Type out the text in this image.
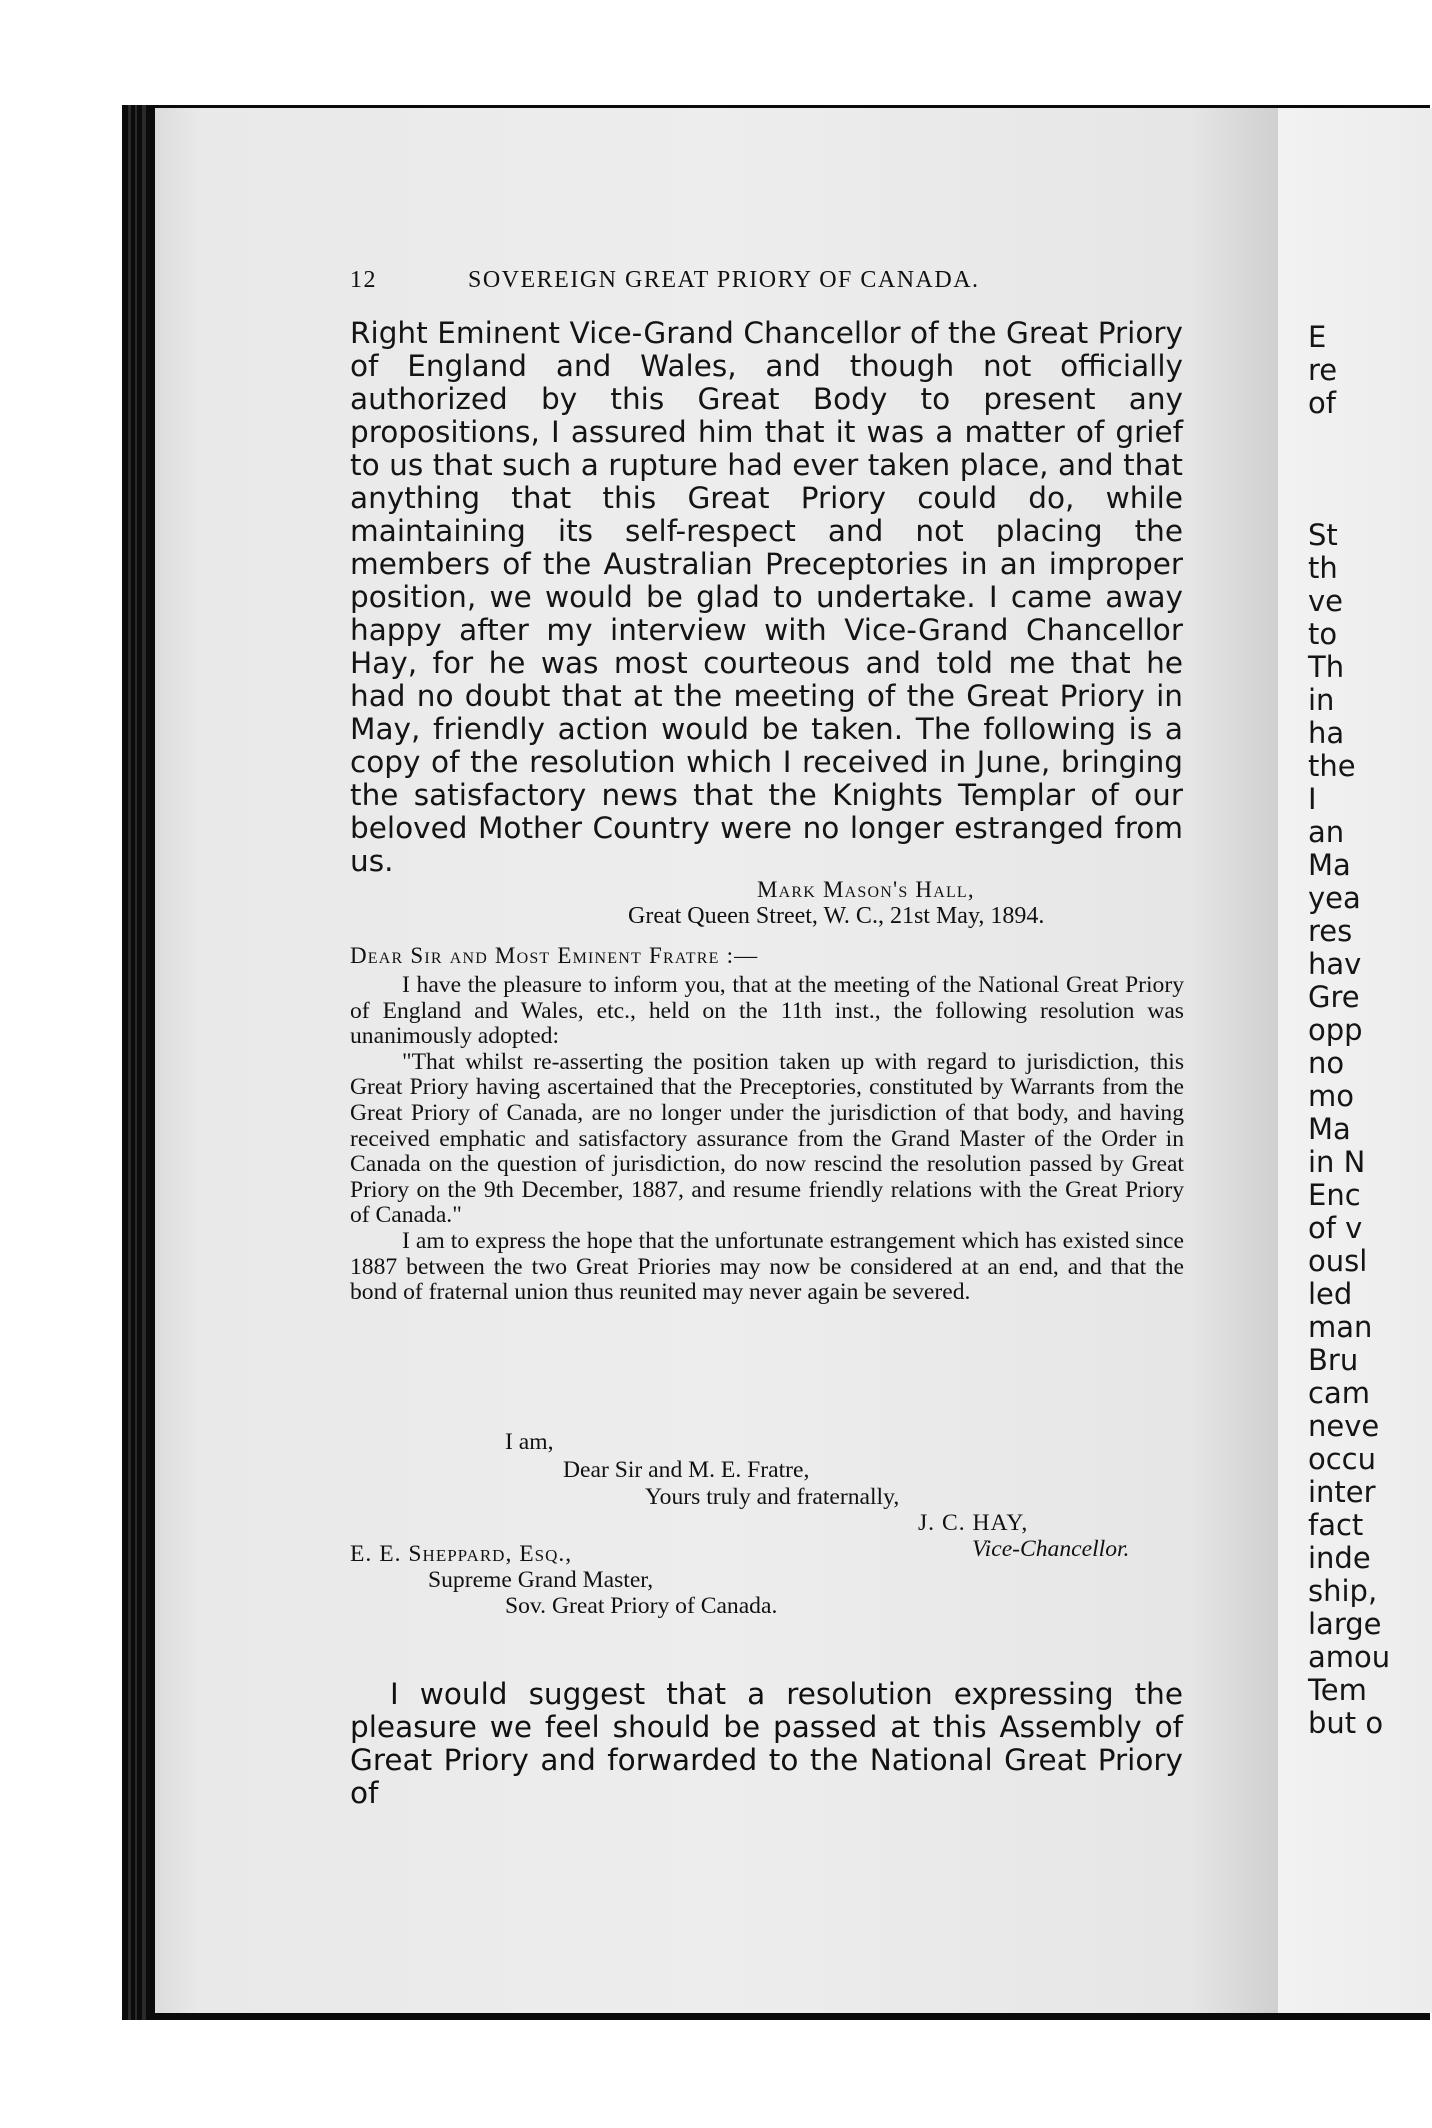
E
re
of
St
th
ve
to
Th
in
ha
the
I
an
Ma
yea
res
hav
Gre
opp
no
mo
Ma
in N
Enc
of v
ousl
led
man
Bru
cam
neve
occu
inter
fact
inde
ship,
large
amou
Tem
but o
12	SOVEREIGN GREAT PRIORY OF CANADA.

Right Eminent Vice-Grand Chancellor of the Great Priory of England and Wales, and though not officially authorized by this Great Body to present any propositions, I assured him that it was a matter of grief to us that such a rupture had ever taken place, and that anything that this Great Priory could do, while maintaining its self-respect and not placing the members of the Australian Preceptories in an improper position, we would be glad to undertake. I came away happy after my interview with Vice-Grand Chancellor Hay, for he was most courteous and told me that he had no doubt that at the meeting of the Great Priory in May, friendly action would be taken. The following is a copy of the resolution which I received in June, bringing the satisfactory news that the Knights Templar of our beloved Mother Country were no longer estranged from us.

Mark Mason's Hall,
Great Queen Street, W. C., 21st May, 1894.
Dear Sir and Most Eminent Fratre :—

I have the pleasure to inform you, that at the meeting of the National Great Priory of England and Wales, etc., held on the 11th inst., the following resolution was unanimously adopted:

"That whilst re-asserting the position taken up with regard to jurisdiction, this Great Priory having ascertained that the Preceptories, constituted by Warrants from the Great Priory of Canada, are no longer under the jurisdiction of that body, and having received emphatic and satisfactory assurance from the Grand Master of the Order in Canada on the question of jurisdiction, do now rescind the resolution passed by Great Priory on the 9th December, 1887, and resume friendly relations with the Great Priory of Canada."

I am to express the hope that the unfortunate estrangement which has existed since 1887 between the two Great Priories may now be considered at an end, and that the bond of fraternal union thus reunited may never again be severed.

I am,
Dear Sir and M. E. Fratre,
Yours truly and fraternally,
J. C. HAY,
Vice-Chancellor.
E. E. Sheppard, Esq.,
Supreme Grand Master,
Sov. Great Priory of Canada.

I would suggest that a resolution expressing the pleasure we feel should be passed at this Assembly of Great Priory and forwarded to the National Great Priory of
